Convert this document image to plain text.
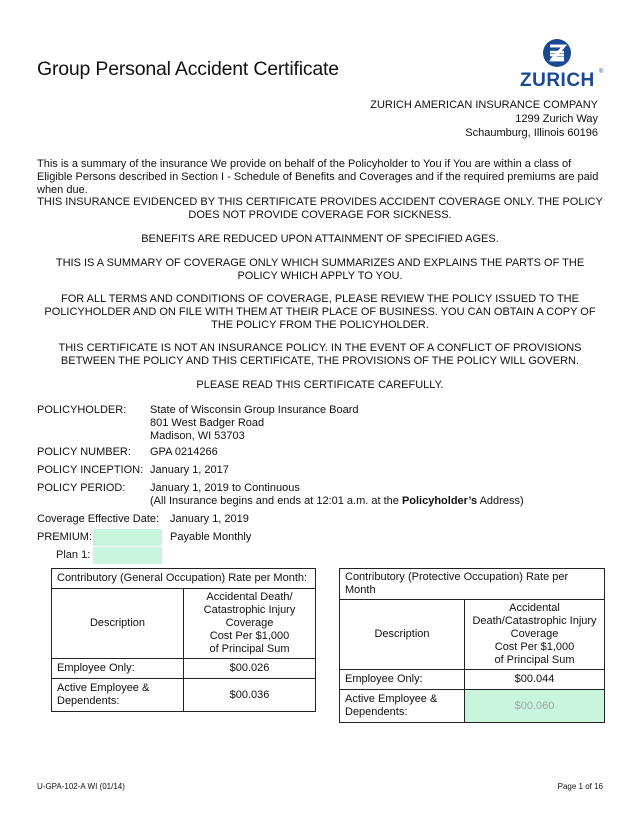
Group Personal Accident Certificate
ZURICH ®
ZURICH AMERICAN INSURANCE COMPANY
1299 Zurich Way
Schaumburg, Illinois 60196
This is a summary of the insurance We provide on behalf of the Policyholder to You if You are within a class of Eligible Persons described in Section I - Schedule of Benefits and Coverages and if the required premiums are paid when due.
THIS INSURANCE EVIDENCED BY THIS CERTIFICATE PROVIDES ACCIDENT COVERAGE ONLY. THE POLICY DOES NOT PROVIDE COVERAGE FOR SICKNESS.
BENEFITS ARE REDUCED UPON ATTAINMENT OF SPECIFIED AGES.
THIS IS A SUMMARY OF COVERAGE ONLY WHICH SUMMARIZES AND EXPLAINS THE PARTS OF THE POLICY WHICH APPLY TO YOU.
FOR ALL TERMS AND CONDITIONS OF COVERAGE, PLEASE REVIEW THE POLICY ISSUED TO THE POLICYHOLDER AND ON FILE WITH THEM AT THEIR PLACE OF BUSINESS. YOU CAN OBTAIN A COPY OF THE POLICY FROM THE POLICYHOLDER.
THIS CERTIFICATE IS NOT AN INSURANCE POLICY. IN THE EVENT OF A CONFLICT OF PROVISIONS BETWEEN THE POLICY AND THIS CERTIFICATE, THE PROVISIONS OF THE POLICY WILL GOVERN.
PLEASE READ THIS CERTIFICATE CAREFULLY.
POLICYHOLDER: State of Wisconsin Group Insurance Board
801 West Badger Road
Madison, WI 53703
POLICY NUMBER: GPA 0214266
POLICY INCEPTION: January 1, 2017
POLICY PERIOD: January 1, 2019 to Continuous
(All Insurance begins and ends at 12:01 a.m. at the Policyholder’s Address)
Coverage Effective Date: January 1, 2019
PREMIUM:	Payable Monthly
Plan 1:
Contributory (General Occupation) Rate per Month:	
Description	Accidental Death/
Catastrophic Injury
Coverage
Cost Per $1,000
of Principal Sum

Employee Only:	$00.026
Active Employee & Dependents:	$00.036
Contributory (Protective Occupation) Rate per Month	
Description	Accidental
Death/Catastrophic Injury
Coverage
Cost Per $1,000
of Principal Sum

Employee Only:	$00.044
Active Employee & Dependents:	$00.060
U-GPA-102-A WI (01/14)	Page 1 of 16
